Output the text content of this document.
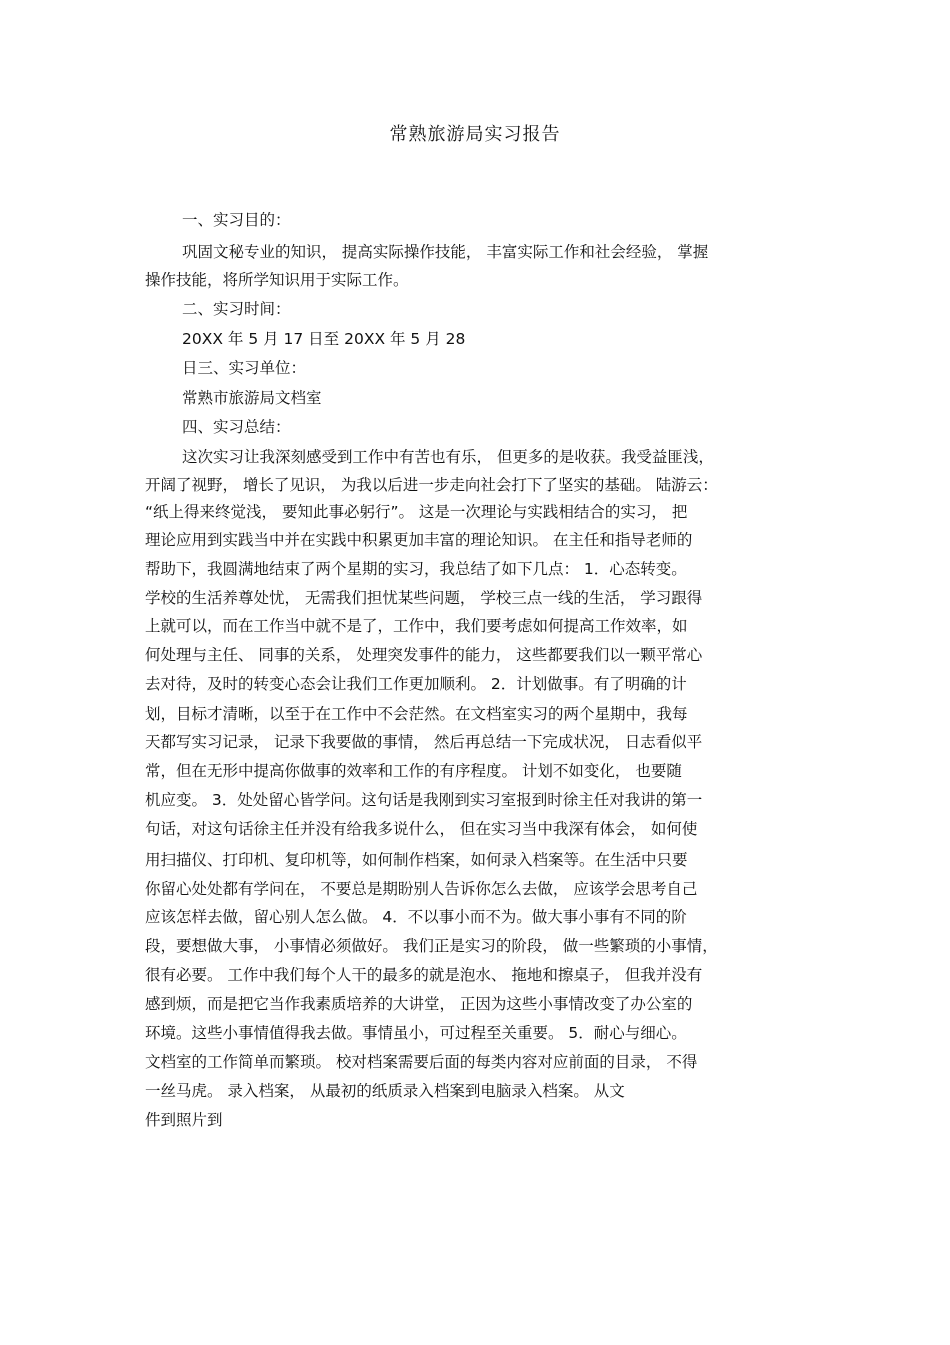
常熟旅游局实习报告
一、实习目的：
巩固文秘专业的知识， 提高实际操作技能， 丰富实际工作和社会经验， 掌握
操作技能，将所学知识用于实际工作。
二、实习时间：
20XX 年 5 月 17 日至 20XX 年 5 月 28
日三、实习单位：
常熟市旅游局文档室
四、实习总结：
这次实习让我深刻感受到工作中有苦也有乐， 但更多的是收获。我受益匪浅，
开阔了视野， 增长了见识， 为我以后进一步走向社会打下了坚实的基础。 陆游云：
“纸上得来终觉浅， 要知此事必躬行”。 这是一次理论与实践相结合的实习， 把
理论应用到实践当中并在实践中积累更加丰富的理论知识。 在主任和指导老师的
帮助下，我圆满地结束了两个星期的实习，我总结了如下几点： 1．心态转变。
学校的生活养尊处忧， 无需我们担忧某些问题， 学校三点一线的生活， 学习跟得
上就可以，而在工作当中就不是了，工作中，我们要考虑如何提高工作效率，如
何处理与主任、 同事的关系， 处理突发事件的能力， 这些都要我们以一颗平常心
去对待，及时的转变心态会让我们工作更加顺利。 2．计划做事。有了明确的计
划，目标才清晰，以至于在工作中不会茫然。在文档室实习的两个星期中，我每
天都写实习记录， 记录下我要做的事情， 然后再总结一下完成状况， 日志看似平
常，但在无形中提高你做事的效率和工作的有序程度。 计划不如变化， 也要随
机应变。 3．处处留心皆学问。这句话是我刚到实习室报到时徐主任对我讲的第一
句话，对这句话徐主任并没有给我多说什么， 但在实习当中我深有体会， 如何使
用扫描仪、打印机、复印机等，如何制作档案，如何录入档案等。在生活中只要
你留心处处都有学问在， 不要总是期盼别人告诉你怎么去做， 应该学会思考自己
应该怎样去做，留心别人怎么做。 4．不以事小而不为。做大事小事有不同的阶
段，要想做大事， 小事情必须做好。 我们正是实习的阶段， 做一些繁琐的小事情，
很有必要。 工作中我们每个人干的最多的就是泡水、 拖地和擦桌子， 但我并没有
感到烦，而是把它当作我素质培养的大讲堂， 正因为这些小事情改变了办公室的
环境。这些小事情值得我去做。事情虽小，可过程至关重要。 5．耐心与细心。
文档室的工作简单而繁琐。 校对档案需要后面的每类内容对应前面的目录， 不得
一丝马虎。 录入档案， 从最初的纸质录入档案到电脑录入档案。 从文
件到照片到
